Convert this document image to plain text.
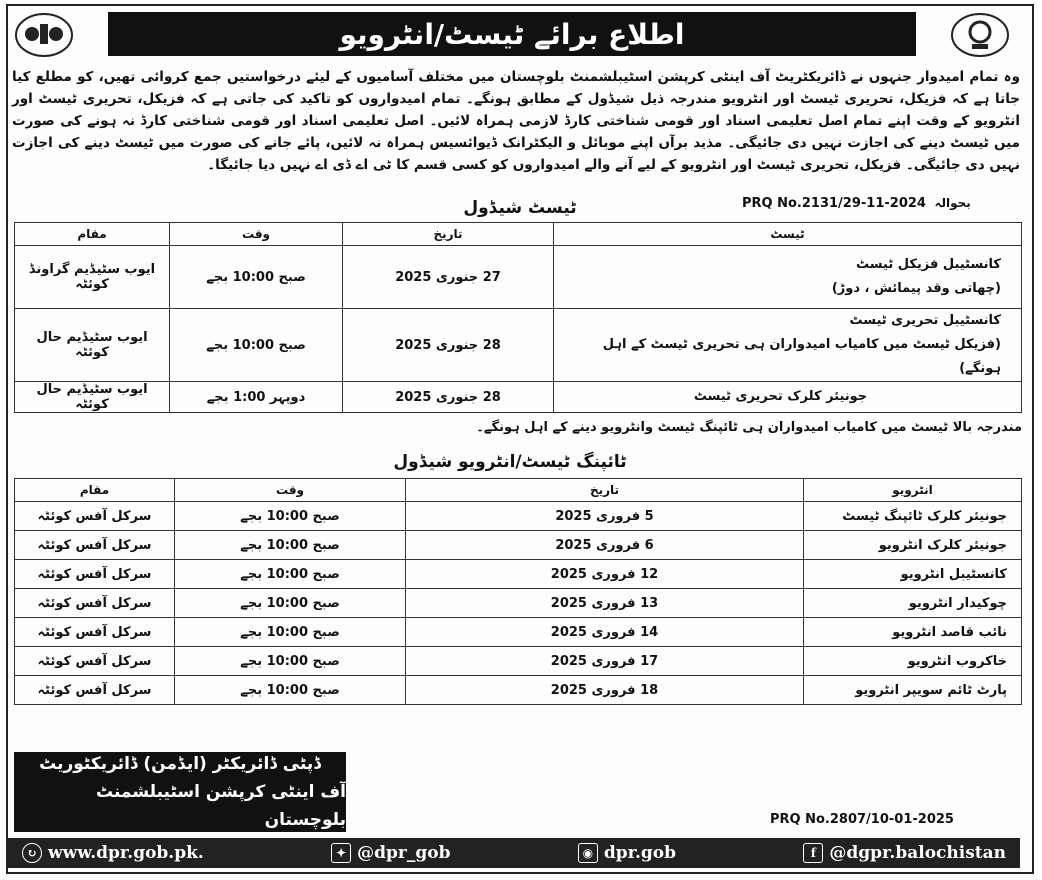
اطلاع برائے ٹیسٹ/انٹرویو
وہ تمام امیدوار جنہوں نے ڈائریکٹریٹ آف اینٹی کرپشن اسٹیبلشمنٹ بلوچستان میں مختلف آسامیوں کے لیئے درخواستیں جمع کروائی تھیں، کو مطلع کیا جاتا ہے کہ فزیکل، تحریری ٹیسٹ اور انٹرویو مندرجہ ذیل شیڈول کے مطابق ہونگے۔ تمام امیدواروں کو تاکید کی جاتی ہے کہ فزیکل، تحریری ٹیسٹ اور انٹرویو کے وقت اپنے تمام اصل تعلیمی اسناد اور قومی شناختی کارڈ لازمی ہمراہ لائیں۔ اصل تعلیمی اسناد اور قومی شناختی کارڈ نہ ہونے کی صورت میں ٹیسٹ دینے کی اجازت نہیں دی جائیگی۔ مذید برآں اپنے موبائل و الیکٹرانک ڈیوائسیس ہمراہ نہ لائیں، پائے جانے کی صورت میں ٹیسٹ دینے کی اجازت نہیں دی جائیگی۔ فزیکل، تحریری ٹیسٹ اور انٹرویو کے لیے آنے والے امیدواروں کو کسی قسم کا ٹی اے ڈی اے نہیں دیا جائیگا۔
PRQ No.2131/29-11-2024 بحوالہ
ٹیسٹ شیڈول
ٹیسٹ	تاریخ	وقت	مقام
کانسٹیبل فزیکل ٹیسٹ
(چھاتی وقد پیمائش ، دوڑ)	27 جنوری 2025	صبح 10:00 بجے	ایوب سٹیڈیم گراونڈ کوئٹہ
کانسٹیبل تحریری ٹیسٹ
(فزیکل ٹیسٹ میں کامیاب امیدواران ہی تحریری ٹیسٹ کے اہل ہونگے)	28 جنوری 2025	صبح 10:00 بجے	ایوب سٹیڈیم حال کوئٹہ
جونیئر کلرک تحریری ٹیسٹ	28 جنوری 2025	دوپہر 1:00 بجے	ایوب سٹیڈیم حال کوئٹہ
مندرجہ بالا ٹیسٹ میں کامیاب امیدواران ہی ٹائپنگ ٹیسٹ وانٹرویو دینے کے اہل ہونگے۔
ٹائپنگ ٹیسٹ/انٹرویو شیڈول
انٹرویو	تاریخ	وقت	مقام
جونیئر کلرک ٹائپنگ ٹیسٹ	5 فروری 2025	صبح 10:00 بجے	سرکل آفس کوئٹہ
جونیئر کلرک انٹرویو	6 فروری 2025	صبح 10:00 بجے	سرکل آفس کوئٹہ
کانسٹیبل انٹرویو	12 فروری 2025	صبح 10:00 بجے	سرکل آفس کوئٹہ
چوکیدار انٹرویو	13 فروری 2025	صبح 10:00 بجے	سرکل آفس کوئٹہ
نائب قاصد انٹرویو	14 فروری 2025	صبح 10:00 بجے	سرکل آفس کوئٹہ
خاکروب انٹرویو	17 فروری 2025	صبح 10:00 بجے	سرکل آفس کوئٹہ
پارٹ ٹائم سویپر انٹرویو	18 فروری 2025	صبح 10:00 بجے	سرکل آفس کوئٹہ
ڈپٹی ڈائریکٹر (ایڈمن) ڈائریکٹوریٹ
آف اینٹی کرپشن اسٹیبلشمنٹ بلوچستان	PRQ No.2807/10-01-2025
↻ www.dpr.gob.pk.	✦ @dpr_gob	◉ dpr.gob	f @dgpr.balochistan
